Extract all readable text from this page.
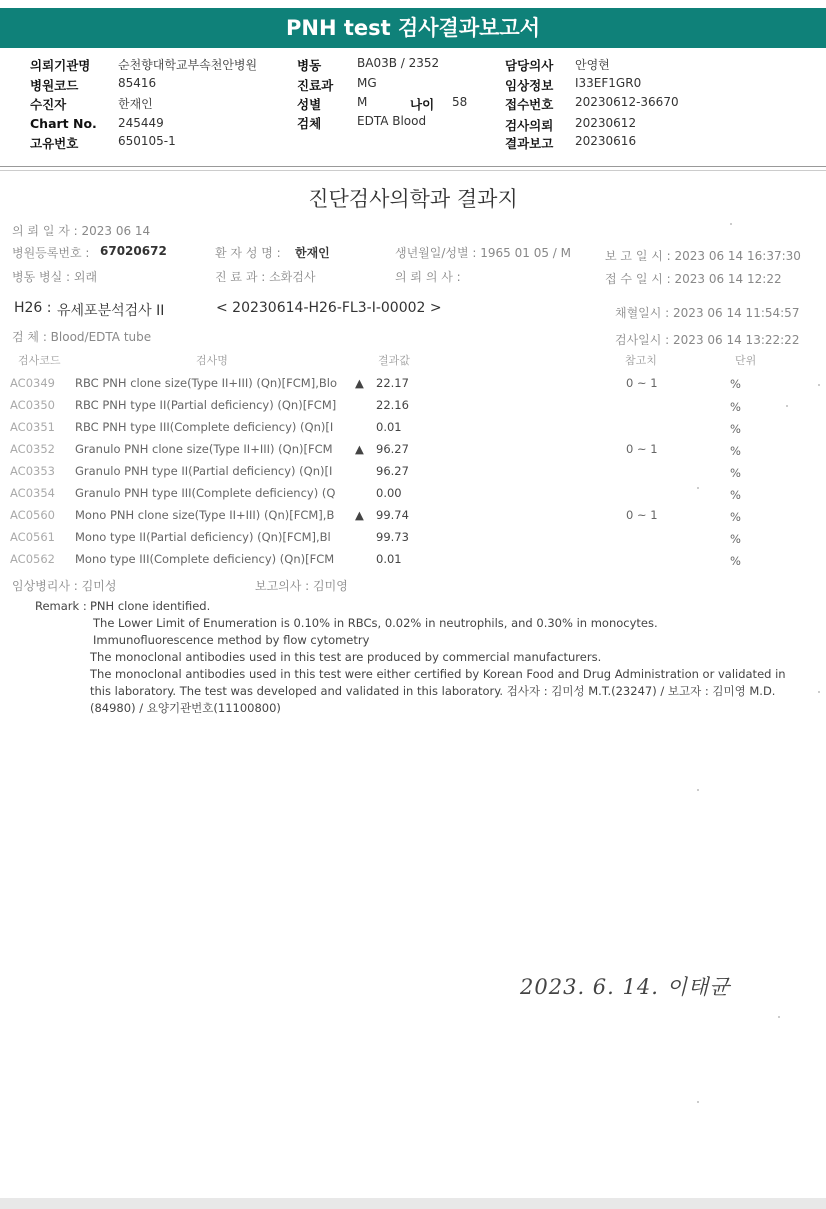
PNH test 검사결과보고서
의뢰기관명 순천향대학교부속천안병원
병원코드	85416
수진자	한재인
Chart No. 245449
고유번호	650105-1
병동	BA03B / 2352
진료과 MG
성별	M	나이 58
검체	EDTA Blood
담당의사 안영현
임상정보 I33EF1GR0
접수번호 20230612-36670
검사의뢰 20230612
결과보고 20230616
진단검사의학과 결과지
의 뢰 일 자 : 2023 06 14
병원등록번호 : 67020672	환 자 성 명 : 한재인	생년월일/성별 : 1965 01 05 / M	보 고 일 시 : 2023 06 14 16:37:30
병동 병실 : 외래	진 료 과 : 소화검사	의 뢰 의 사 :	접 수 일 시 : 2023 06 14 12:22
H26 : 유세포분석검사 II	< 20230614-H26-FL3-I-00002 >	채혈일시 : 2023 06 14 11:54:57
검 체 : Blood/EDTA tube	검사일시 : 2023 06 14 13:22:22
검사코드	검사명	결과값	참고치	단위
AC0349 RBC PNH clone size(Type II+III) (Qn)[FCM],Blo ▲ 22.17	0 ~ 1	%
AC0350 RBC PNH type II(Partial deficiency) (Qn)[FCM]	22.16	%
AC0351 RBC PNH type III(Complete deficiency) (Qn)[I	0.01	%
AC0352 Granulo PNH clone size(Type II+III) (Qn)[FCM ▲ 96.27	0 ~ 1	%
AC0353 Granulo PNH type II(Partial deficiency) (Qn)[I	96.27	%
AC0354 Granulo PNH type III(Complete deficiency) (Q	0.00	%
AC0560 Mono PNH clone size(Type II+III) (Qn)[FCM],B ▲ 99.74	0 ~ 1	%
AC0561 Mono type II(Partial deficiency) (Qn)[FCM],Bl	99.73	%
AC0562 Mono type III(Complete deficiency) (Qn)[FCM	0.01	%
임상병리사 : 김미성	보고의사 : 김미영
Remark : PNH clone identified.
The Lower Limit of Enumeration is 0.10% in RBCs, 0.02% in neutrophils, and 0.30% in monocytes.
Immunofluorescence method by flow cytometry
The monoclonal antibodies used in this test are produced by commercial manufacturers.
The monoclonal antibodies used in this test were either certified by Korean Food and Drug Administration or validated in
this laboratory. The test was developed and validated in this laboratory. 검사자 : 김미성 M.T.(23247) / 보고자 : 김미영 M.D.
(84980) / 요양기관번호(11100800)
2023. 6. 14. 이태균
